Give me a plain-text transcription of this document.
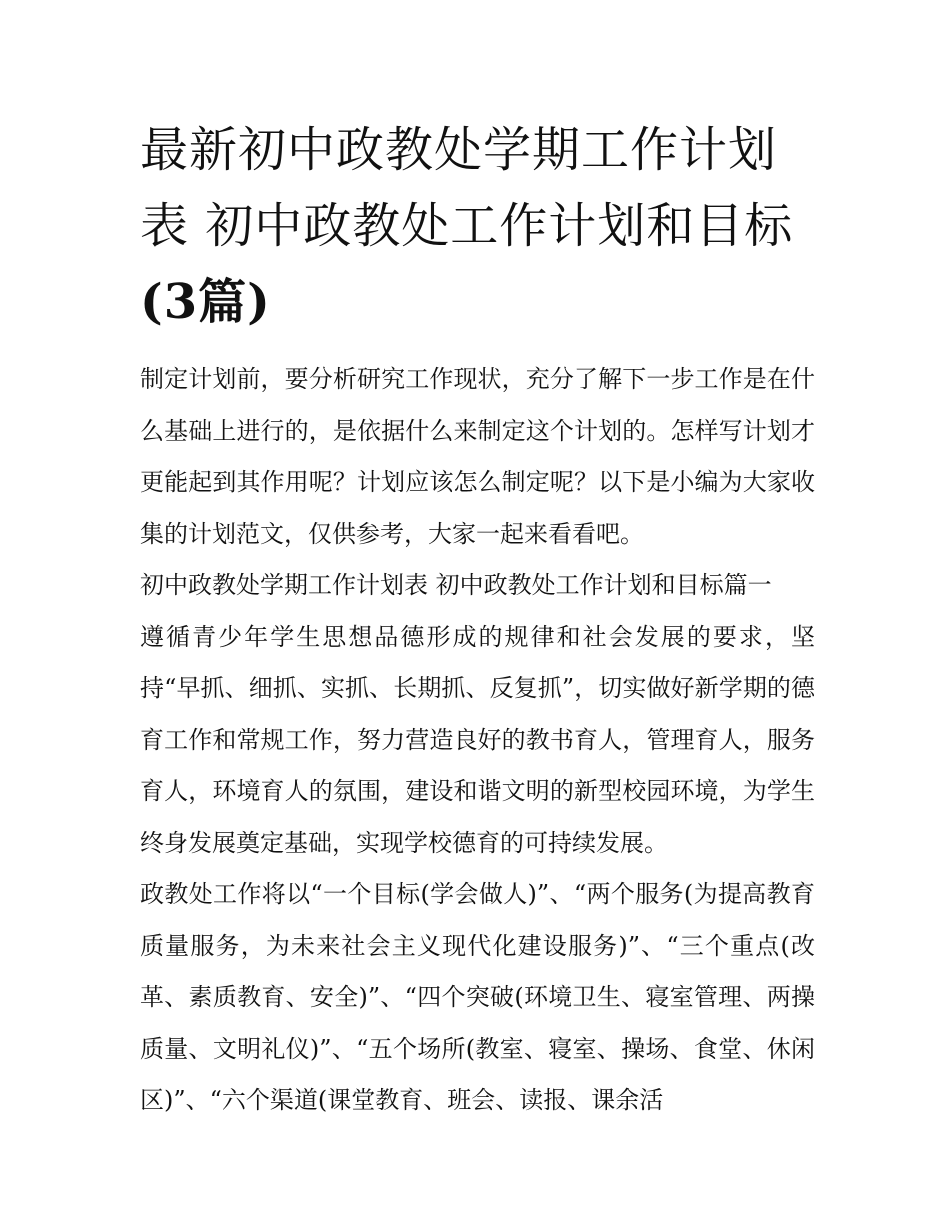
最新初中政教处学期工作计划表 初中政教处工作计划和目标
(3篇)

制定计划前，要分析研究工作现状，充分了解下一步工作是在什么基础上进行的，是依据什么来制定这个计划的。怎样写计划才更能起到其作用呢？计划应该怎么制定呢？以下是小编为大家收集的计划范文，仅供参考，大家一起来看看吧。

初中政教处学期工作计划表 初中政教处工作计划和目标篇一

遵循青少年学生思想品德形成的规律和社会发展的要求，坚持“早抓、细抓、实抓、长期抓、反复抓”，切实做好新学期的德育工作和常规工作，努力营造良好的教书育人，管理育人，服务育人，环境育人的氛围，建设和谐文明的新型校园环境，为学生终身发展奠定基础，实现学校德育的可持续发展。

政教处工作将以“一个目标(学会做人)”、“两个服务(为提高教育质量服务，为未来社会主义现代化建设服务)”、“三个重点(改革、素质教育、安全)”、“四个突破(环境卫生、寝室管理、两操质量、文明礼仪)”、“五个场所(教室、寝室、操场、食堂、休闲区)”、“六个渠道(课堂教育、班会、读报、课余活
